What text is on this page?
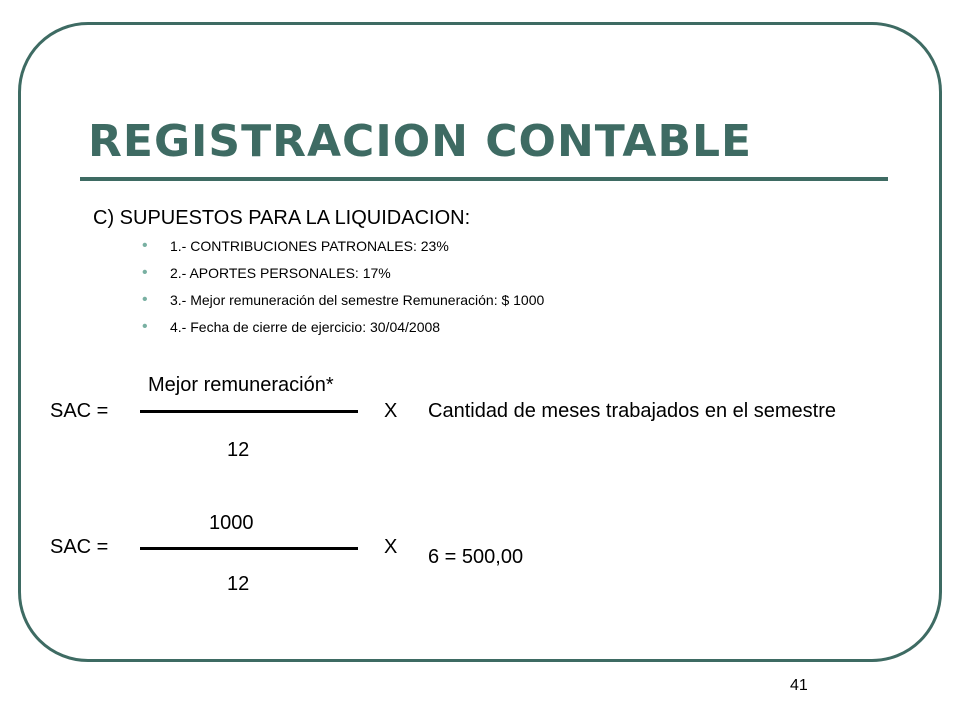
REGISTRACION CONTABLE
C) SUPUESTOS PARA LA LIQUIDACION:
• 1.- CONTRIBUCIONES PATRONALES: 23%
• 2.- APORTES PERSONALES: 17%
• 3.- Mejor remuneración del semestre Remuneración: $ 1000
• 4.- Fecha de cierre de ejercicio: 30/04/2008
Mejor remuneración*
SAC =	X Cantidad de meses trabajados en el semestre
12
1000
SAC =	X 6 = 500,00
12
41
